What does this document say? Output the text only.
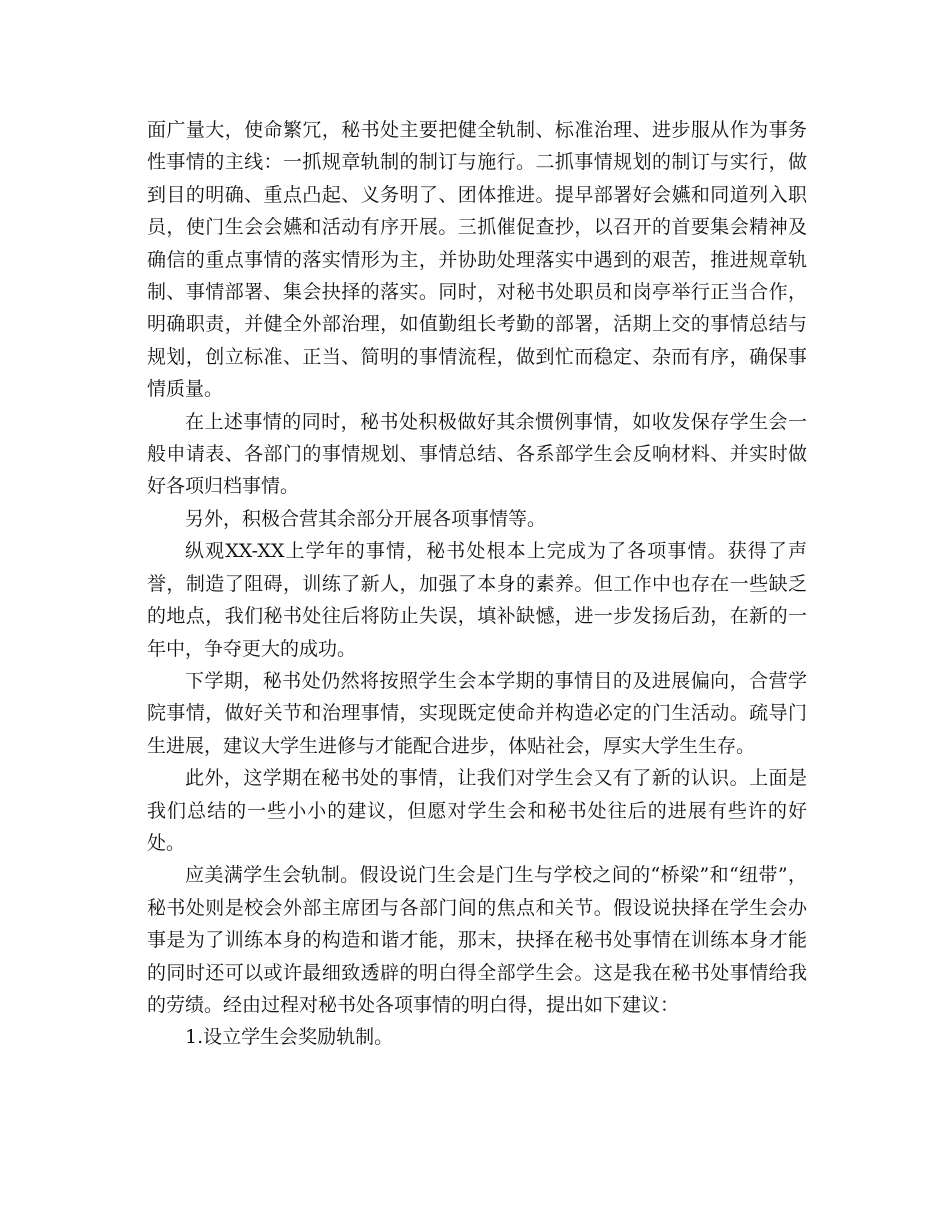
面广量大，使命繁冗，秘书处主要把健全轨制、标准治理、进步服从作为事务性事情的主线：一抓规章轨制的制订与施行。二抓事情规划的制订与实行，做到目的明确、重点凸起、义务明了、团体推进。提早部署好会嬿和同道列入职员，使门生会会嬿和活动有序开展。三抓催促查抄，以召开的首要集会精神及确信的重点事情的落实情形为主，并协助处理落实中遇到的艰苦，推进规章轨制、事情部署、集会抉择的落实。同时，对秘书处职员和岗亭举行正当合作，明确职责，并健全外部治理，如值勤组长考勤的部署，活期上交的事情总结与规划，创立标准、正当、简明的事情流程，做到忙而稳定、杂而有序，确保事情质量。

在上述事情的同时，秘书处积极做好其余惯例事情，如收发保存学生会一般申请表、各部门的事情规划、事情总结、各系部学生会反响材料、并实时做好各项归档事情。

另外，积极合营其余部分开展各项事情等。

纵观XX-XX上学年的事情，秘书处根本上完成为了各项事情。获得了声誉，制造了阻碍，训练了新人，加强了本身的素养。但工作中也存在一些缺乏的地点，我们秘书处往后将防止失误，填补缺憾，进一步发扬后劲，在新的一年中，争夺更大的成功。

下学期，秘书处仍然将按照学生会本学期的事情目的及进展偏向，合营学院事情，做好关节和治理事情，实现既定使命并构造必定的门生活动。疏导门生进展，建议大学生进修与才能配合进步，体贴社会，厚实大学生生存。

此外，这学期在秘书处的事情，让我们对学生会又有了新的认识。上面是我们总结的一些小小的建议，但愿对学生会和秘书处往后的进展有些许的好处。

应美满学生会轨制。假设说门生会是门生与学校之间的“桥梁”和“纽带”，秘书处则是校会外部主席团与各部门间的焦点和关节。假设说抉择在学生会办事是为了训练本身的构造和谐才能，那末，抉择在秘书处事情在训练本身才能的同时还可以或许最细致透辟的明白得全部学生会。这是我在秘书处事情给我的劳绩。经由过程对秘书处各项事情的明白得，提出如下建议：

1.设立学生会奖励轨制。
